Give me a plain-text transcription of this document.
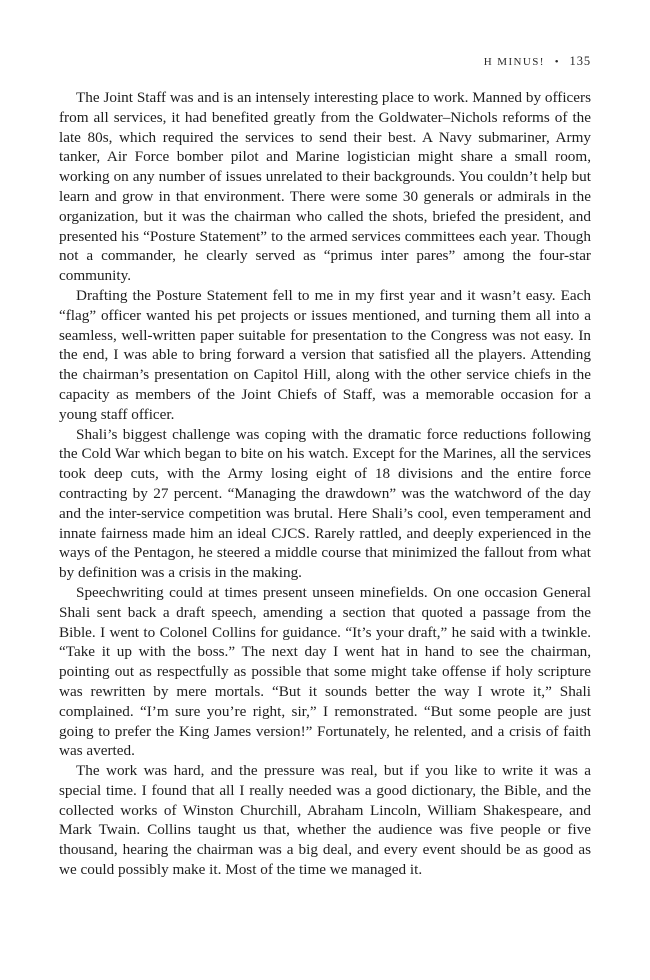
H MINUS! • 135

The Joint Staff was and is an intensely interesting place to work. Manned by officers from all services, it had benefited greatly from the Goldwater–Nichols reforms of the late 80s, which required the services to send their best. A Navy submariner, Army tanker, Air Force bomber pilot and Marine logistician might share a small room, working on any number of issues unrelated to their backgrounds. You couldn’t help but learn and grow in that environment. There were some 30 generals or admirals in the organization, but it was the chairman who called the shots, briefed the president, and presented his “Posture Statement” to the armed services committees each year. Though not a commander, he clearly served as “primus inter pares” among the four-star community.

Drafting the Posture Statement fell to me in my first year and it wasn’t easy. Each “flag” officer wanted his pet projects or issues mentioned, and turning them all into a seamless, well-written paper suitable for presentation to the Congress was not easy. In the end, I was able to bring forward a version that satisfied all the players. Attending the chairman’s presentation on Capitol Hill, along with the other service chiefs in the capacity as members of the Joint Chiefs of Staff, was a memorable occasion for a young staff officer.

Shali’s biggest challenge was coping with the dramatic force reductions following the Cold War which began to bite on his watch. Except for the Marines, all the services took deep cuts, with the Army losing eight of 18 divisions and the entire force contracting by 27 percent. “Managing the drawdown” was the watchword of the day and the inter-service competition was brutal. Here Shali’s cool, even temperament and innate fairness made him an ideal CJCS. Rarely rattled, and deeply experienced in the ways of the Pentagon, he steered a middle course that minimized the fallout from what by definition was a crisis in the making.

Speechwriting could at times present unseen minefields. On one occasion General Shali sent back a draft speech, amending a section that quoted a passage from the Bible. I went to Colonel Collins for guidance. “It’s your draft,” he said with a twinkle. “Take it up with the boss.” The next day I went hat in hand to see the chairman, pointing out as respectfully as possible that some might take offense if holy scripture was rewritten by mere mortals. “But it sounds better the way I wrote it,” Shali complained. “I’m sure you’re right, sir,” I remonstrated. “But some people are just going to prefer the King James version!” Fortunately, he relented, and a crisis of faith was averted.

The work was hard, and the pressure was real, but if you like to write it was a special time. I found that all I really needed was a good dictionary, the Bible, and the collected works of Winston Churchill, Abraham Lincoln, William Shakespeare, and Mark Twain. Collins taught us that, whether the audience was five people or five thousand, hearing the chairman was a big deal, and every event should be as good as we could possibly make it. Most of the time we managed it.
